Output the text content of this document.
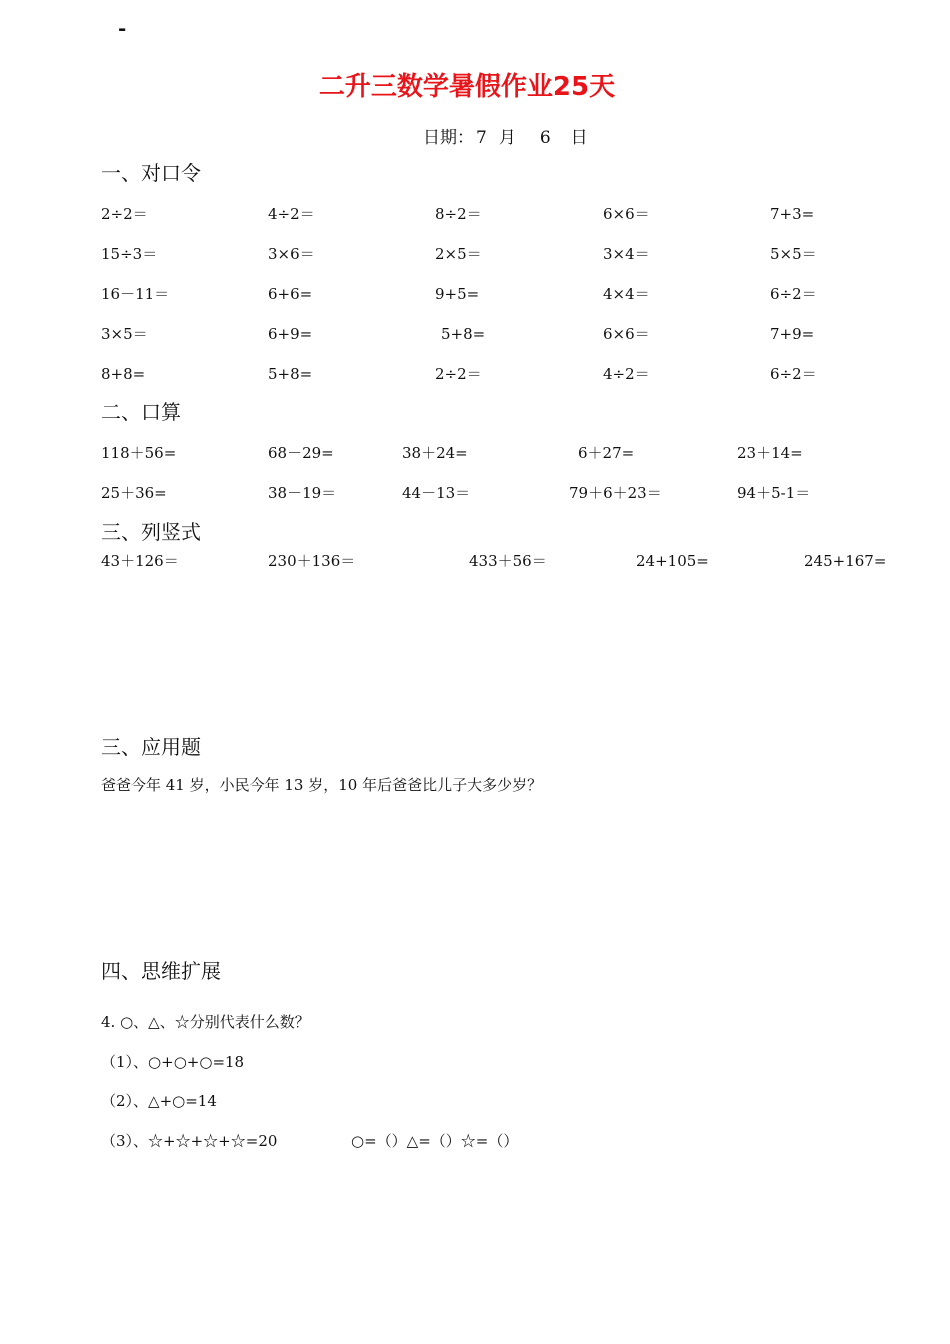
-
二升三数学暑假作业25天
日期： 7 月 6 日
一、对口令
2÷2＝	4÷2＝	8÷2＝	6×6＝	7+3=
15÷3＝	3×6＝	2×5＝	3×4＝	5×5＝
16－11＝	6+6=	9+5=	4×4＝	6÷2＝
3×5＝	6+9=	5+8=	6×6＝	7+9=
8+8=	5+8=	2÷2＝	4÷2＝	6÷2＝
二、口算
118＋56=	68－29=	38＋24=	6＋27=	23＋14=
25＋36=	38－19＝	44－13＝	79＋6＋23＝	94＋5-1＝
三、列竖式
43＋126＝	230＋136＝	433＋56＝	24+105=	245+167=
三、应用题
爸爸今年 41 岁，小民今年 13 岁，10 年后爸爸比儿子大多少岁？
四、思维扩展
4. ○、△、☆分别代表什么数？
（1）、○+○+○=18
（2）、△+○=14
（3）、☆+☆+☆+☆=20	○=（）△=（）☆=（）
